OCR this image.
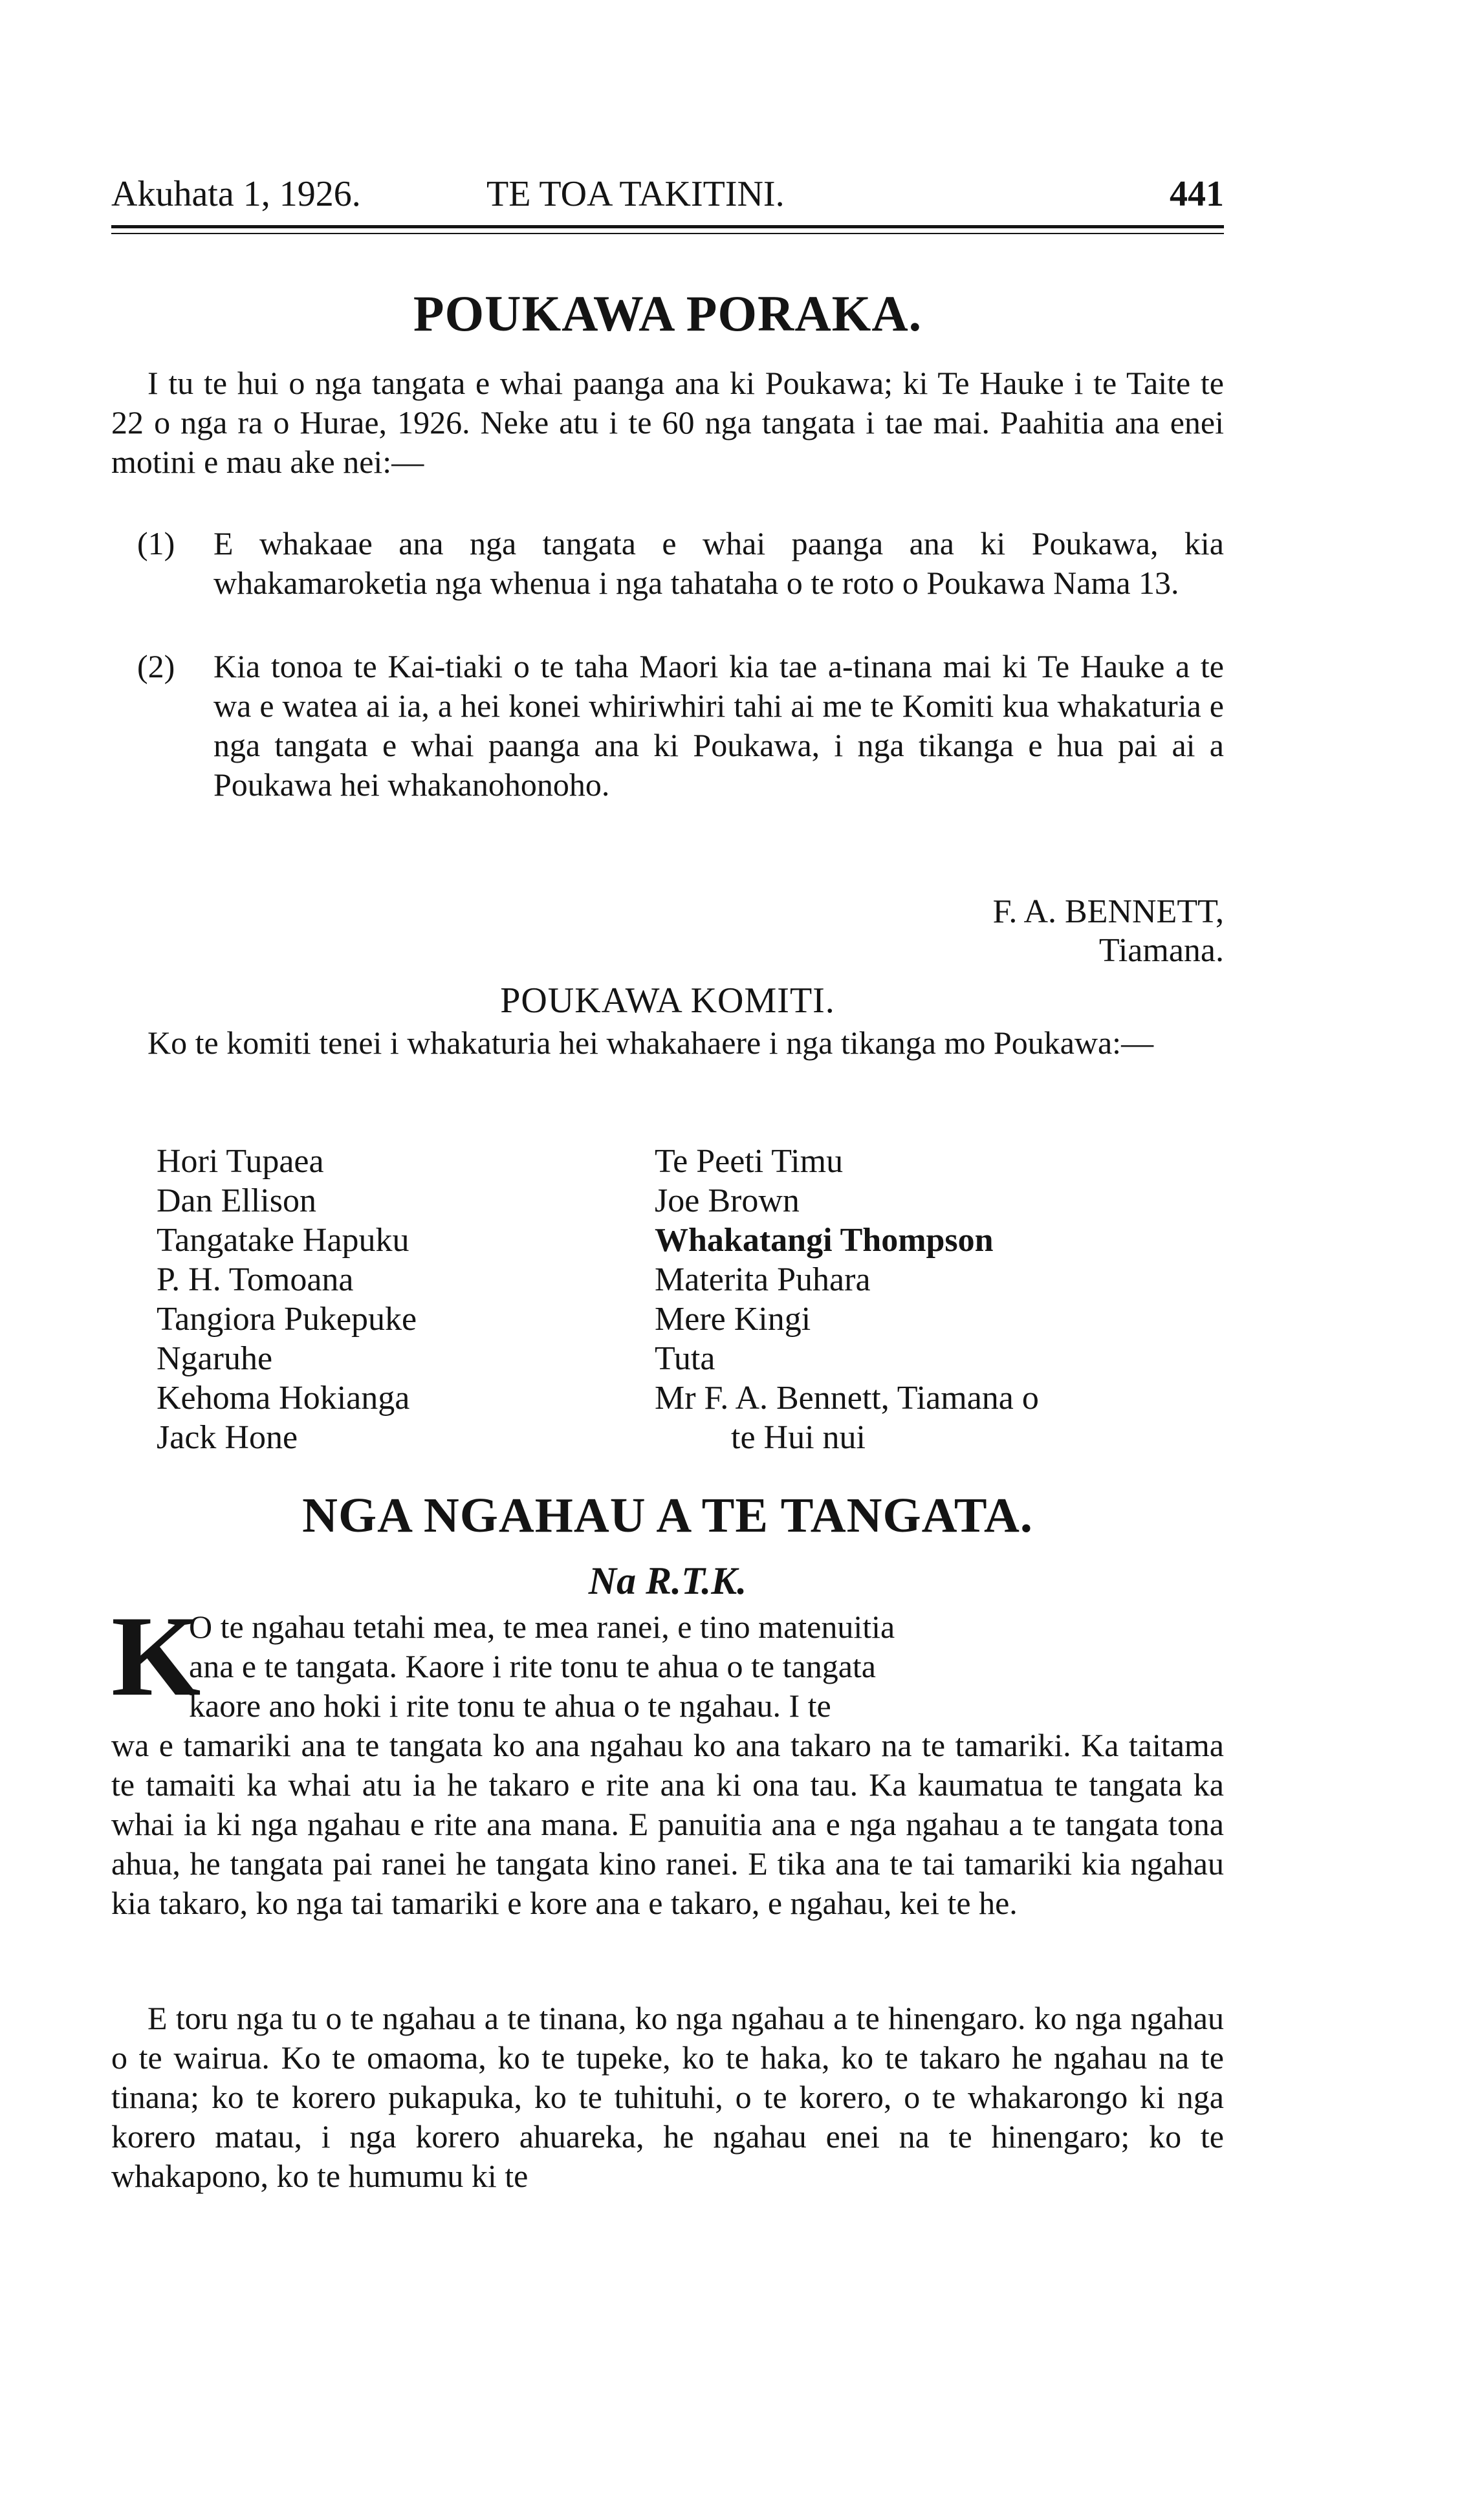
Akuhata 1, 1926.	TE TOA TAKITINI.	441
POUKAWA PORAKA.
I tu te hui o nga tangata e whai paanga ana ki Poukawa; ki Te Hauke i te Taite te 22 o nga ra o Hurae, 1926. Neke atu i te 60 nga tangata i tae mai. Paahitia ana enei motini e mau ake nei:—
(1) E whakaae ana nga tangata e whai paanga ana ki Poukawa, kia whakamaroketia nga whenua i nga tahataha o te roto o Poukawa Nama 13.
(2) Kia tonoa te Kai-tiaki o te taha Maori kia tae a-tinana mai ki Te Hauke a te wa e watea ai ia, a hei konei whiriwhiri tahi ai me te Komiti kua whakaturia e nga tangata e whai paanga ana ki Poukawa, i nga tikanga e hua pai ai a Poukawa hei whakanohonoho.
F. A. BENNETT,
Tiamana.
POUKAWA KOMITI.
Ko te komiti tenei i whakaturia hei whakahaere i nga tikanga mo Poukawa:—
Hori Tupaea
Dan Ellison
Tangatake Hapuku
P. H. Tomoana
Tangiora Pukepuke
Ngaruhe
Kehoma Hokianga
Jack Hone
Te Peeti Timu
Joe Brown
Whakatangi Thompson
Materita Puhara
Mere Kingi
Tuta
Mr F. A. Bennett, Tiamana o
te Hui nui
NGA NGAHAU A TE TANGATA.
Na R.T.K.
K
O te ngahau tetahi mea, te mea ranei, e tino matenuitia
ana e te tangata. Kaore i rite tonu te ahua o te tangata
kaore ano hoki i rite tonu te ahua o te ngahau. I te
wa e tamariki ana te tangata ko ana ngahau ko ana takaro na te tamariki. Ka taitama te tamaiti ka whai atu ia he takaro e rite ana ki ona tau. Ka kaumatua te tangata ka whai ia ki nga ngahau e rite ana mana. E panuitia ana e nga ngahau a te tangata tona ahua, he tangata pai ranei he tangata kino ranei. E tika ana te tai tamariki kia ngahau kia takaro, ko nga tai tamariki e kore ana e takaro, e ngahau, kei te he.
E toru nga tu o te ngahau a te tinana, ko nga ngahau a te hinengaro. ko nga ngahau o te wairua. Ko te omaoma, ko te tupeke, ko te haka, ko te takaro he ngahau na te tinana; ko te korero pukapuka, ko te tuhituhi, o te korero, o te whakarongo ki nga korero matau, i nga korero ahuareka, he ngahau enei na te hinengaro; ko te whakapono, ko te humumu ki te
